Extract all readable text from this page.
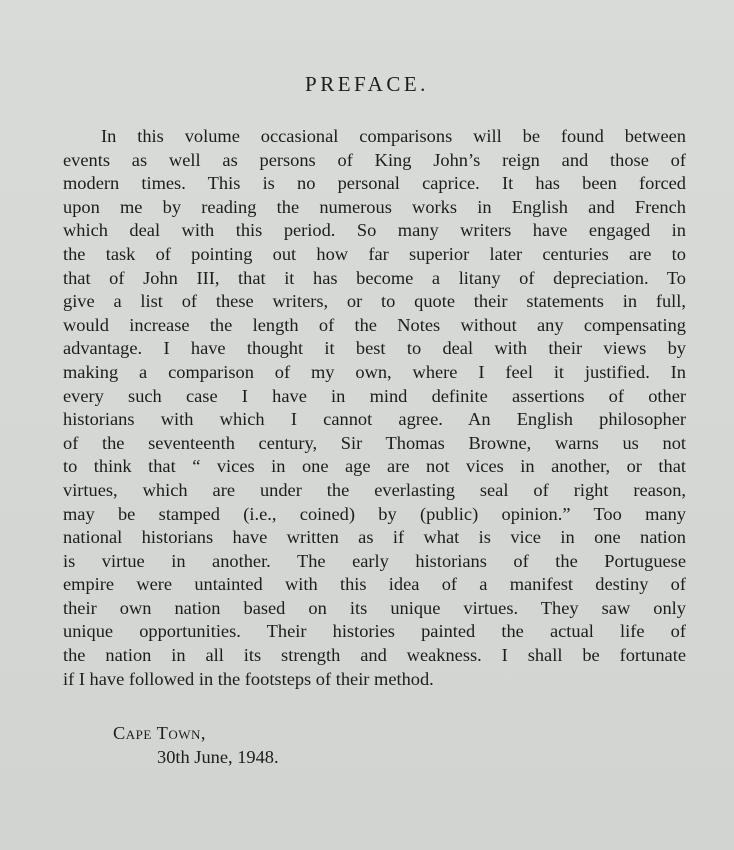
PREFACE.
In this volume occasional comparisons will be found between
events as well as persons of King John’s reign and those of
modern times. This is no personal caprice. It has been forced
upon me by reading the numerous works in English and French
which deal with this period. So many writers have engaged in
the task of pointing out how far superior later centuries are to
that of John III, that it has become a litany of depreciation. To
give a list of these writers, or to quote their statements in full,
would increase the length of the Notes without any compensating
advantage. I have thought it best to deal with their views by
making a comparison of my own, where I feel it justified. In
every such case I have in mind definite assertions of other
historians with which I cannot agree. An English philosopher
of the seventeenth century, Sir Thomas Browne, warns us not
to think that “ vices in one age are not vices in another, or that
virtues, which are under the everlasting seal of right reason,
may be stamped (i.e., coined) by (public) opinion.” Too many
national historians have written as if what is vice in one nation
is virtue in another. The early historians of the Portuguese
empire were untainted with this idea of a manifest destiny of
their own nation based on its unique virtues. They saw only
unique opportunities. Their histories painted the actual life of
the nation in all its strength and weakness. I shall be fortunate
if I have followed in the footsteps of their method.
Cape Town,
30th June, 1948.
